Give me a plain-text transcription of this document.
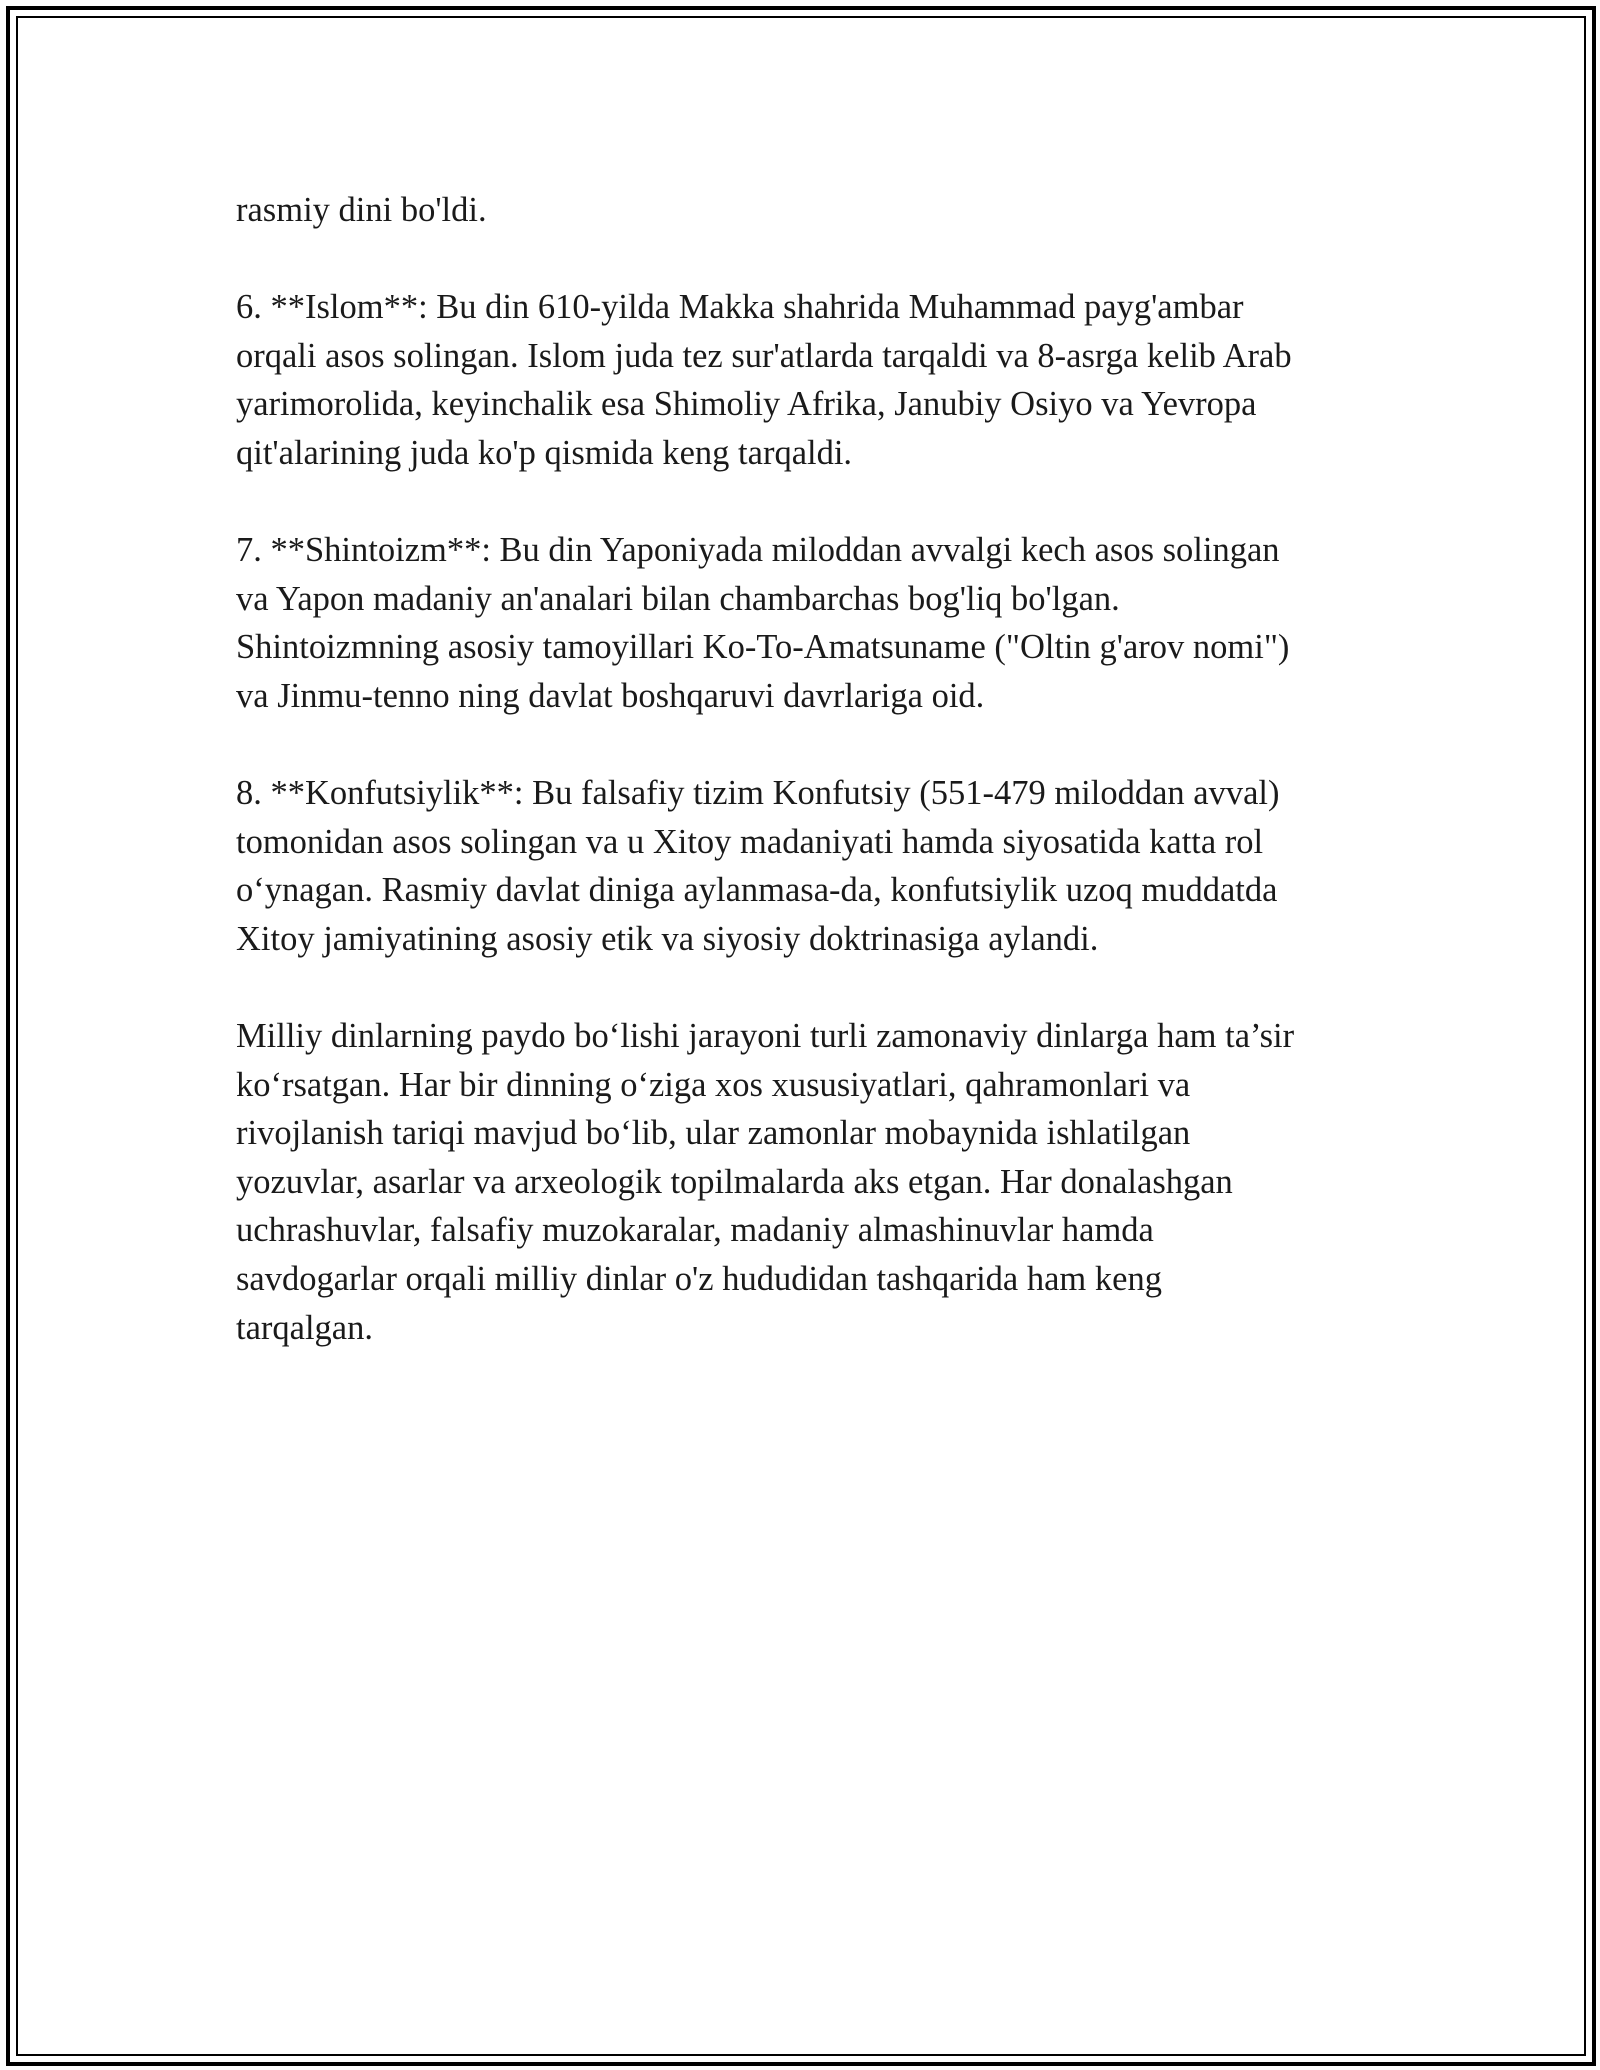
rasmiy dini bo'ldi.

6. **Islom**: Bu din 610-yilda Makka shahrida Muhammad payg'ambar
orqali asos solingan. Islom juda tez sur'atlarda tarqaldi va 8-asrga kelib Arab
yarimorolida, keyinchalik esa Shimoliy Afrika, Janubiy Osiyo va Yevropa
qit'alarining juda ko'p qismida keng tarqaldi.

7. **Shintoizm**: Bu din Yaponiyada miloddan avvalgi kech asos solingan
va Yapon madaniy an'analari bilan chambarchas bog'liq bo'lgan.
Shintoizmning asosiy tamoyillari Ko-To-Amatsuname ("Oltin g'arov nomi")
va Jinmu-tenno ning davlat boshqaruvi davrlariga oid.

8. **Konfutsiylik**: Bu falsafiy tizim Konfutsiy (551-479 miloddan avval)
tomonidan asos solingan va u Xitoy madaniyati hamda siyosatida katta rol
o‘ynagan. Rasmiy davlat diniga aylanmasa-da, konfutsiylik uzoq muddatda
Xitoy jamiyatining asosiy etik va siyosiy doktrinasiga aylandi.

Milliy dinlarning paydo bo‘lishi jarayoni turli zamonaviy dinlarga ham ta’sir
ko‘rsatgan. Har bir dinning o‘ziga xos xususiyatlari, qahramonlari va
rivojlanish tariqi mavjud bo‘lib, ular zamonlar mobaynida ishlatilgan
yozuvlar, asarlar va arxeologik topilmalarda aks etgan. Har donalashgan
uchrashuvlar, falsafiy muzokaralar, madaniy almashinuvlar hamda
savdogarlar orqali milliy dinlar o'z hududidan tashqarida ham keng
tarqalgan.
